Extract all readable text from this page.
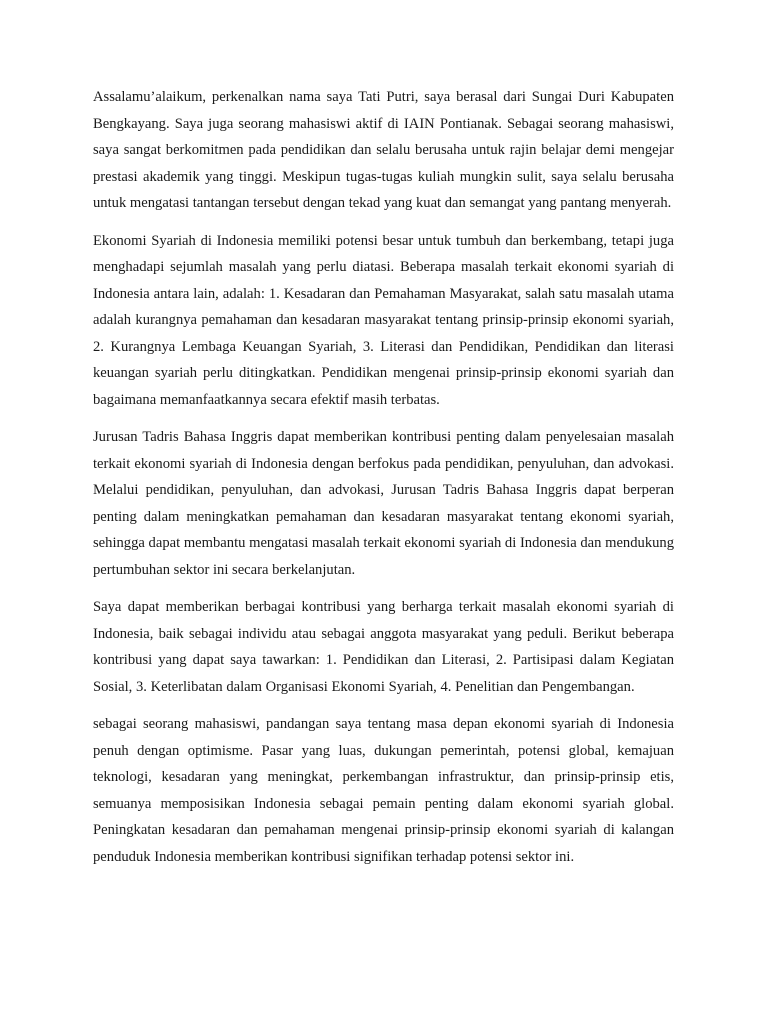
Assalamu’alaikum, perkenalkan nama saya Tati Putri, saya berasal dari Sungai Duri Kabupaten Bengkayang. Saya juga seorang mahasiswi aktif di IAIN Pontianak. Sebagai seorang mahasiswi, saya sangat berkomitmen pada pendidikan dan selalu berusaha untuk rajin belajar demi mengejar prestasi akademik yang tinggi. Meskipun tugas-tugas kuliah mungkin sulit, saya selalu berusaha untuk mengatasi tantangan tersebut dengan tekad yang kuat dan semangat yang pantang menyerah.

Ekonomi Syariah di Indonesia memiliki potensi besar untuk tumbuh dan berkembang, tetapi juga menghadapi sejumlah masalah yang perlu diatasi. Beberapa masalah terkait ekonomi syariah di Indonesia antara lain, adalah: 1. Kesadaran dan Pemahaman Masyarakat, salah satu masalah utama adalah kurangnya pemahaman dan kesadaran masyarakat tentang prinsip-prinsip ekonomi syariah, 2. Kurangnya Lembaga Keuangan Syariah, 3. Literasi dan Pendidikan, Pendidikan dan literasi keuangan syariah perlu ditingkatkan. Pendidikan mengenai prinsip-prinsip ekonomi syariah dan bagaimana memanfaatkannya secara efektif masih terbatas.

Jurusan Tadris Bahasa Inggris dapat memberikan kontribusi penting dalam penyelesaian masalah terkait ekonomi syariah di Indonesia dengan berfokus pada pendidikan, penyuluhan, dan advokasi. Melalui pendidikan, penyuluhan, dan advokasi, Jurusan Tadris Bahasa Inggris dapat berperan penting dalam meningkatkan pemahaman dan kesadaran masyarakat tentang ekonomi syariah, sehingga dapat membantu mengatasi masalah terkait ekonomi syariah di Indonesia dan mendukung pertumbuhan sektor ini secara berkelanjutan.

Saya dapat memberikan berbagai kontribusi yang berharga terkait masalah ekonomi syariah di Indonesia, baik sebagai individu atau sebagai anggota masyarakat yang peduli. Berikut beberapa kontribusi yang dapat saya tawarkan: 1. Pendidikan dan Literasi, 2. Partisipasi dalam Kegiatan Sosial, 3. Keterlibatan dalam Organisasi Ekonomi Syariah, 4. Penelitian dan Pengembangan.

sebagai seorang mahasiswi, pandangan saya tentang masa depan ekonomi syariah di Indonesia penuh dengan optimisme. Pasar yang luas, dukungan pemerintah, potensi global, kemajuan teknologi, kesadaran yang meningkat, perkembangan infrastruktur, dan prinsip-prinsip etis, semuanya memposisikan Indonesia sebagai pemain penting dalam ekonomi syariah global. Peningkatan kesadaran dan pemahaman mengenai prinsip-prinsip ekonomi syariah di kalangan penduduk Indonesia memberikan kontribusi signifikan terhadap potensi sektor ini.
